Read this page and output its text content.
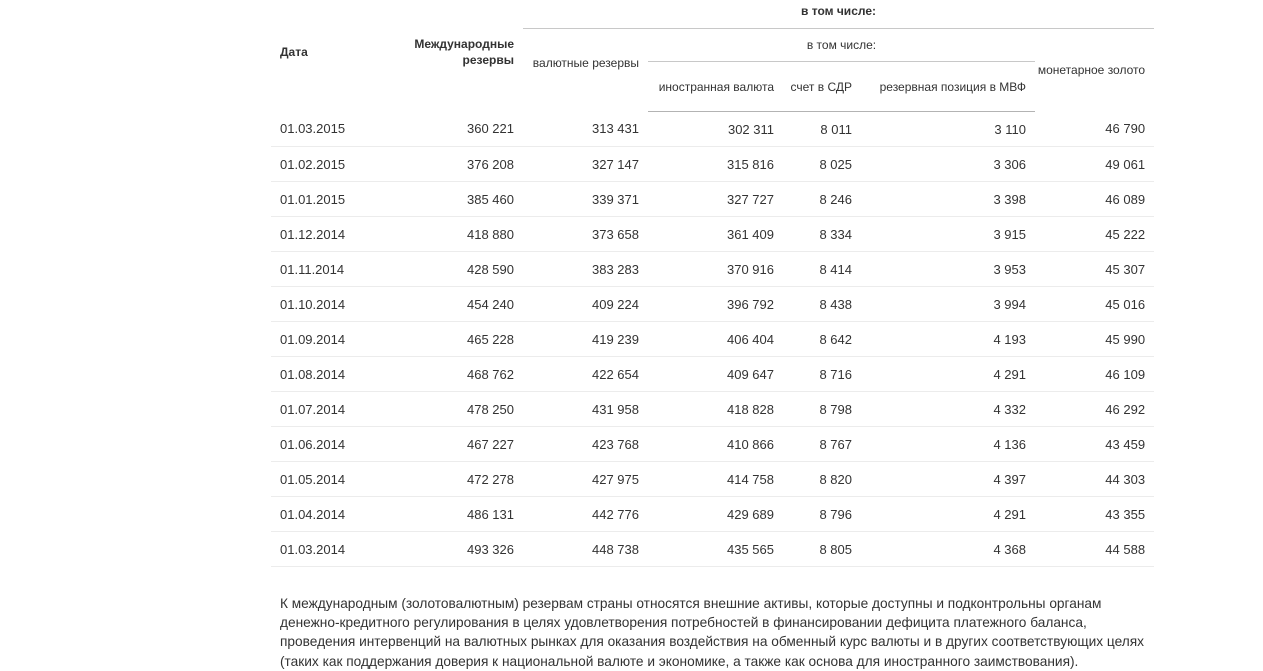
Дата	Международные резервы	в том числе:				
		валютные резервы	в том числе:			монетарное золото
			иностранная валюта	счет в СДР	резервная позиция в МВФ	
01.03.2015	360 221	313 431	302 311	8 011	3 110	46 790
01.02.2015	376 208	327 147	315 816	8 025	3 306	49 061
01.01.2015	385 460	339 371	327 727	8 246	3 398	46 089
01.12.2014	418 880	373 658	361 409	8 334	3 915	45 222
01.11.2014	428 590	383 283	370 916	8 414	3 953	45 307
01.10.2014	454 240	409 224	396 792	8 438	3 994	45 016
01.09.2014	465 228	419 239	406 404	8 642	4 193	45 990
01.08.2014	468 762	422 654	409 647	8 716	4 291	46 109
01.07.2014	478 250	431 958	418 828	8 798	4 332	46 292
01.06.2014	467 227	423 768	410 866	8 767	4 136	43 459
01.05.2014	472 278	427 975	414 758	8 820	4 397	44 303
01.04.2014	486 131	442 776	429 689	8 796	4 291	43 355
01.03.2014	493 326	448 738	435 565	8 805	4 368	44 588

К международным (золотовалютным) резервам страны относятся внешние активы, которые доступны и подконтрольны органам денежно-кредитного регулирования в целях удовлетворения потребностей в финансировании дефицита платежного баланса, проведения интервенций на валютных рынках для оказания воздействия на обменный курс валюты и в других соответствующих целях (таких как поддержания доверия к национальной валюте и экономике, а также как основа для иностранного заимствования).
